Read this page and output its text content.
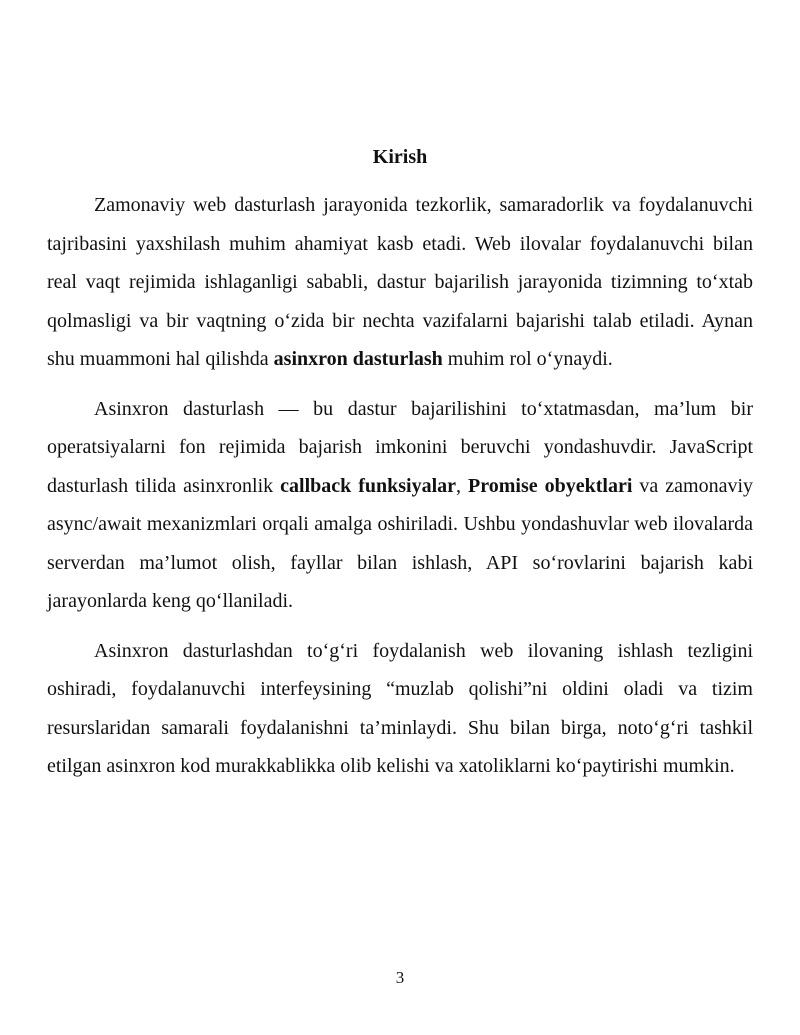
Kirish

Zamonaviy web dasturlash jarayonida tezkorlik, samaradorlik va foydalanuvchi tajribasini yaxshilash muhim ahamiyat kasb etadi. Web ilovalar foydalanuvchi bilan real vaqt rejimida ishlaganligi sababli, dastur bajarilish jarayonida tizimning to‘xtab qolmasligi va bir vaqtning o‘zida bir nechta vazifalarni bajarishi talab etiladi. Aynan shu muammoni hal qilishda asinxron dasturlash muhim rol o‘ynaydi.

Asinxron dasturlash — bu dastur bajarilishini to‘xtatmasdan, ma’lum bir operatsiyalarni fon rejimida bajarish imkonini beruvchi yondashuvdir. JavaScript dasturlash tilida asinxronlik callback funksiyalar, Promise obyektlari va zamonaviy async/await mexanizmlari orqali amalga oshiriladi. Ushbu yondashuvlar web ilovalarda serverdan ma’lumot olish, fayllar bilan ishlash, API so‘rovlarini bajarish kabi jarayonlarda keng qo‘llaniladi.

Asinxron dasturlashdan to‘g‘ri foydalanish web ilovaning ishlash tezligini oshiradi, foydalanuvchi interfeysining “muzlab qolishi”ni oldini oladi va tizim resurslaridan samarali foydalanishni ta’minlaydi. Shu bilan birga, noto‘g‘ri tashkil etilgan asinxron kod murakkablikka olib kelishi va xatoliklarni ko‘paytirishi mumkin.

3
